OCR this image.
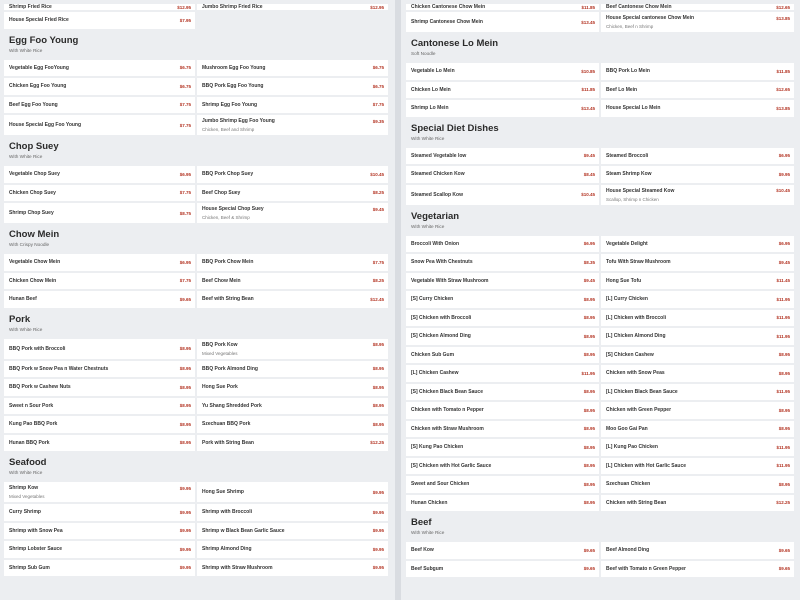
Shrimp Fried Rice	$12.95 Jumbo Shrimp Fried Rice	$12.95
House Special Fried Rice	$7.95
Egg Foo Young
With White Rice
Vegetable Egg FooYoung	$6.75 Mushroom Egg Foo Young	$6.75
Chicken Egg Foo Young	$6.75 BBQ Pork Egg Foo Young	$6.75
Beef Egg Foo Young	$7.75 Shrimp Egg Foo Young	$7.75
House Special Egg Foo Young	$7.75
Jumbo Shrimp Egg Foo Young	$9.35
Chicken, Beef and Shrimp
Chop Suey
With White Rice
Vegetable Chop Suey	$6.95 BBQ Pork Chop Suey	$10.45
Chicken Chop Suey	$7.75 Beef Chop Suey	$8.25
Shrimp Chop Suey	$8.75
House Special Chop Suey	$9.45
Chicken, Beef & Shrimp
Chow Mein
With Crispy Noodle
Vegetable Chow Mein	$6.95 BBQ Pork Chow Mein	$7.75
Chicken Chow Mein	$7.75 Beef Chow Mein	$8.25
Hunan Beef	$9.65 Beef with String Bean	$12.45
Pork
With White Rice
BBQ Pork with Broccoli	$8.95
BBQ Pork Kow	$8.95
Mixed Vegetables
BBQ Pork w Snow Pea n Water Chestnuts	$8.95 BBQ Pork Almond Ding	$8.95
BBQ Pork w Cashew Nuts	$8.95 Hong Sue Pork	$8.95
Sweet n Sour Pork	$8.95 Yu Shang Shredded Pork	$8.95
Kung Pao BBQ Pork	$8.95 Szechuan BBQ Pork	$8.95
Hunan BBQ Pork	$8.95 Pork with String Bean	$12.25
Seafood
With White Rice
Shrimp Kow	$9.95
Mixed Vegetables
Hong Sue Shrimp	$9.95
Curry Shrimp	$9.95 Shrimp with Broccoli	$9.95
Shrimp with Snow Pea	$9.95 Shrimp w Black Bean Garlic Sauce	$9.95
Shrimp Lobster Sauce	$9.95 Shrimp Almond Ding	$9.95
Shrimp Sub Gum	$9.95 Shrimp with Straw Mushroom	$9.95
Chicken Cantonese Chow Mein	$11.85 Beef Cantonese Chow Mein	$12.65
Shrimp Cantonese Chow Mein	$13.45
House Special cantonese Chow Mein	$13.85
Chicken, Beef n Shrimp
Cantonese Lo Mein
Soft Noodle
Vegetable Lo Mein	$10.85 BBQ Pork Lo Mein	$11.85
Chicken Lo Mein	$11.85 Beef Lo Mein	$12.65
Shrimp Lo Mein	$13.45 House Special Lo Mein	$13.85
Special Diet Dishes
With White Rice
Steamed Vegetable low	$9.45 Steamed Broccoli	$6.95
Steamed Chicken Kow	$8.45 Steam Shrimp Kow	$9.95
Steamed Scallop Kow	$10.45
House Special Steamed Kow	$10.45
Scallop, Shrimp n Chicken
Vegetarian
With White Rice
Broccoli With Onion	$6.95 Vegetable Delight	$6.95
Snow Pea With Chestnuts	$8.35 Tofu With Straw Mushroom	$9.45
Vegetable With Straw Mushroom	$9.45 Hong Sue Tofu	$11.45
[S] Curry Chicken	$8.95 [L] Curry Chicken	$11.95
[S] Chicken with Broccoli	$8.95 [L] Chicken with Broccoli	$11.95
[S] Chicken Almond Ding	$8.95 [L] Chicken Almond Ding	$11.95
Chicken Sub Gum	$8.95 [S] Chicken Cashew	$8.95
[L] Chicken Cashew	$11.95 Chicken with Snow Peas	$8.95
[S] Chicken Black Bean Sauce	$8.95 [L] Chicken Black Bean Sauce	$11.95
Chicken with Tomato n Pepper	$8.95 Chicken with Green Pepper	$8.95
Chicken with Straw Mushroom	$8.95 Moo Goo Gai Pan	$8.95
[S] Kung Pao Chicken	$8.95 [L] Kung Pao Chicken	$11.95
[S] Chicken with Hot Garlic Sauce	$8.95 [L] Chicken with Hot Garlic Sauce	$11.95
Sweet and Sour Chicken	$8.95 Szechuan Chicken	$8.95
Hunan Chicken	$8.95 Chicken with String Bean	$12.25
Beef
With White Rice
Beef Kow	$9.65 Beef Almond Ding	$9.65
Beef Subgum	$9.65 Beef with Tomato n Green Pepper	$9.65
